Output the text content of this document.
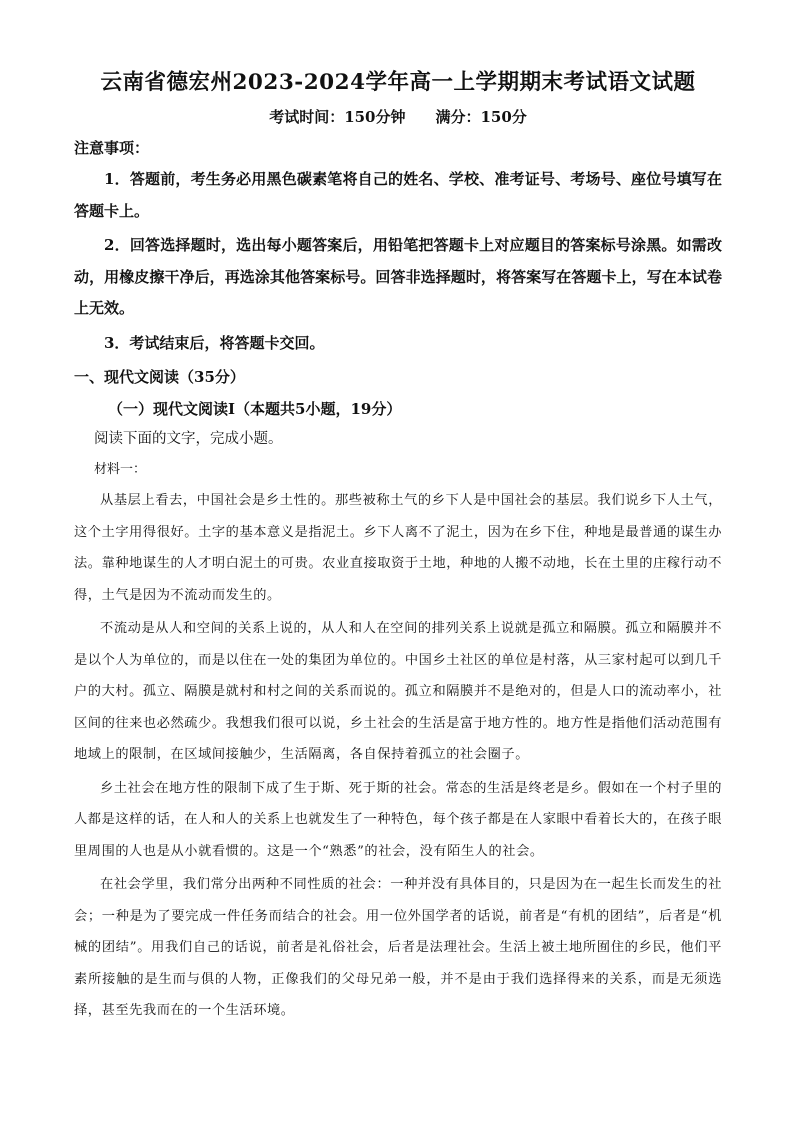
云南省德宏州2023-2024学年高一上学期期末考试语文试题
考试时间：150分钟 满分：150分
注意事项：

1．答题前，考生务必用黑色碳素笔将自己的姓名、学校、准考证号、考场号、座位号填写在答题卡上。

2．回答选择题时，选出每小题答案后，用铅笔把答题卡上对应题目的答案标号涂黑。如需改动，用橡皮擦干净后，再选涂其他答案标号。回答非选择题时，将答案写在答题卡上，写在本试卷上无效。

3．考试结束后，将答题卡交回。

一、现代文阅读（35分）
（一）现代文阅读Ⅰ（本题共5小题，19分）
阅读下面的文字，完成小题。
材料一：

从基层上看去，中国社会是乡土性的。那些被称土气的乡下人是中国社会的基层。我们说乡下人土气，这个土字用得很好。土字的基本意义是指泥土。乡下人离不了泥土，因为在乡下住，种地是最普通的谋生办法。靠种地谋生的人才明白泥土的可贵。农业直接取资于土地，种地的人搬不动地，长在土里的庄稼行动不得，土气是因为不流动而发生的。

不流动是从人和空间的关系上说的，从人和人在空间的排列关系上说就是孤立和隔膜。孤立和隔膜并不是以个人为单位的，而是以住在一处的集团为单位的。中国乡土社区的单位是村落，从三家村起可以到几千户的大村。孤立、隔膜是就村和村之间的关系而说的。孤立和隔膜并不是绝对的，但是人口的流动率小，社区间的往来也必然疏少。我想我们很可以说，乡土社会的生活是富于地方性的。地方性是指他们活动范围有地域上的限制，在区域间接触少，生活隔离，各自保持着孤立的社会圈子。

乡土社会在地方性的限制下成了生于斯、死于斯的社会。常态的生活是终老是乡。假如在一个村子里的人都是这样的话，在人和人的关系上也就发生了一种特色，每个孩子都是在人家眼中看着长大的，在孩子眼里周围的人也是从小就看惯的。这是一个“熟悉”的社会，没有陌生人的社会。

在社会学里，我们常分出两种不同性质的社会：一种并没有具体目的，只是因为在一起生长而发生的社会；一种是为了要完成一件任务而结合的社会。用一位外国学者的话说，前者是“有机的团结”，后者是“机械的团结”。用我们自己的话说，前者是礼俗社会，后者是法理社会。生活上被土地所囿住的乡民，他们平素所接触的是生而与俱的人物，正像我们的父母兄弟一般，并不是由于我们选择得来的关系，而是无须选择，甚至先我而在的一个生活环境。
